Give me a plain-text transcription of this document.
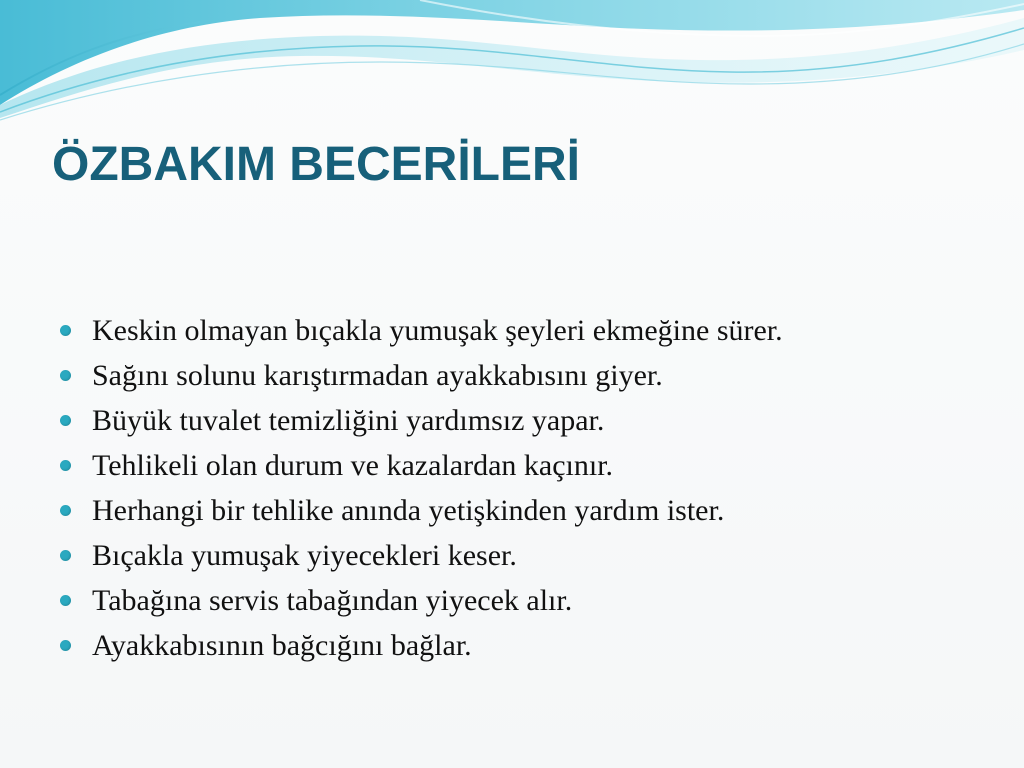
ÖZBAKIM BECERİLERİ
Keskin olmayan bıçakla yumuşak şeyleri ekmeğine sürer.
Sağını solunu karıştırmadan ayakkabısını giyer.
Büyük tuvalet temizliğini yardımsız yapar.
Tehlikeli olan durum ve kazalardan kaçınır.
Herhangi bir tehlike anında yetişkinden yardım ister.
Bıçakla yumuşak yiyecekleri keser.
Tabağına servis tabağından yiyecek alır.
Ayakkabısının bağcığını bağlar.
